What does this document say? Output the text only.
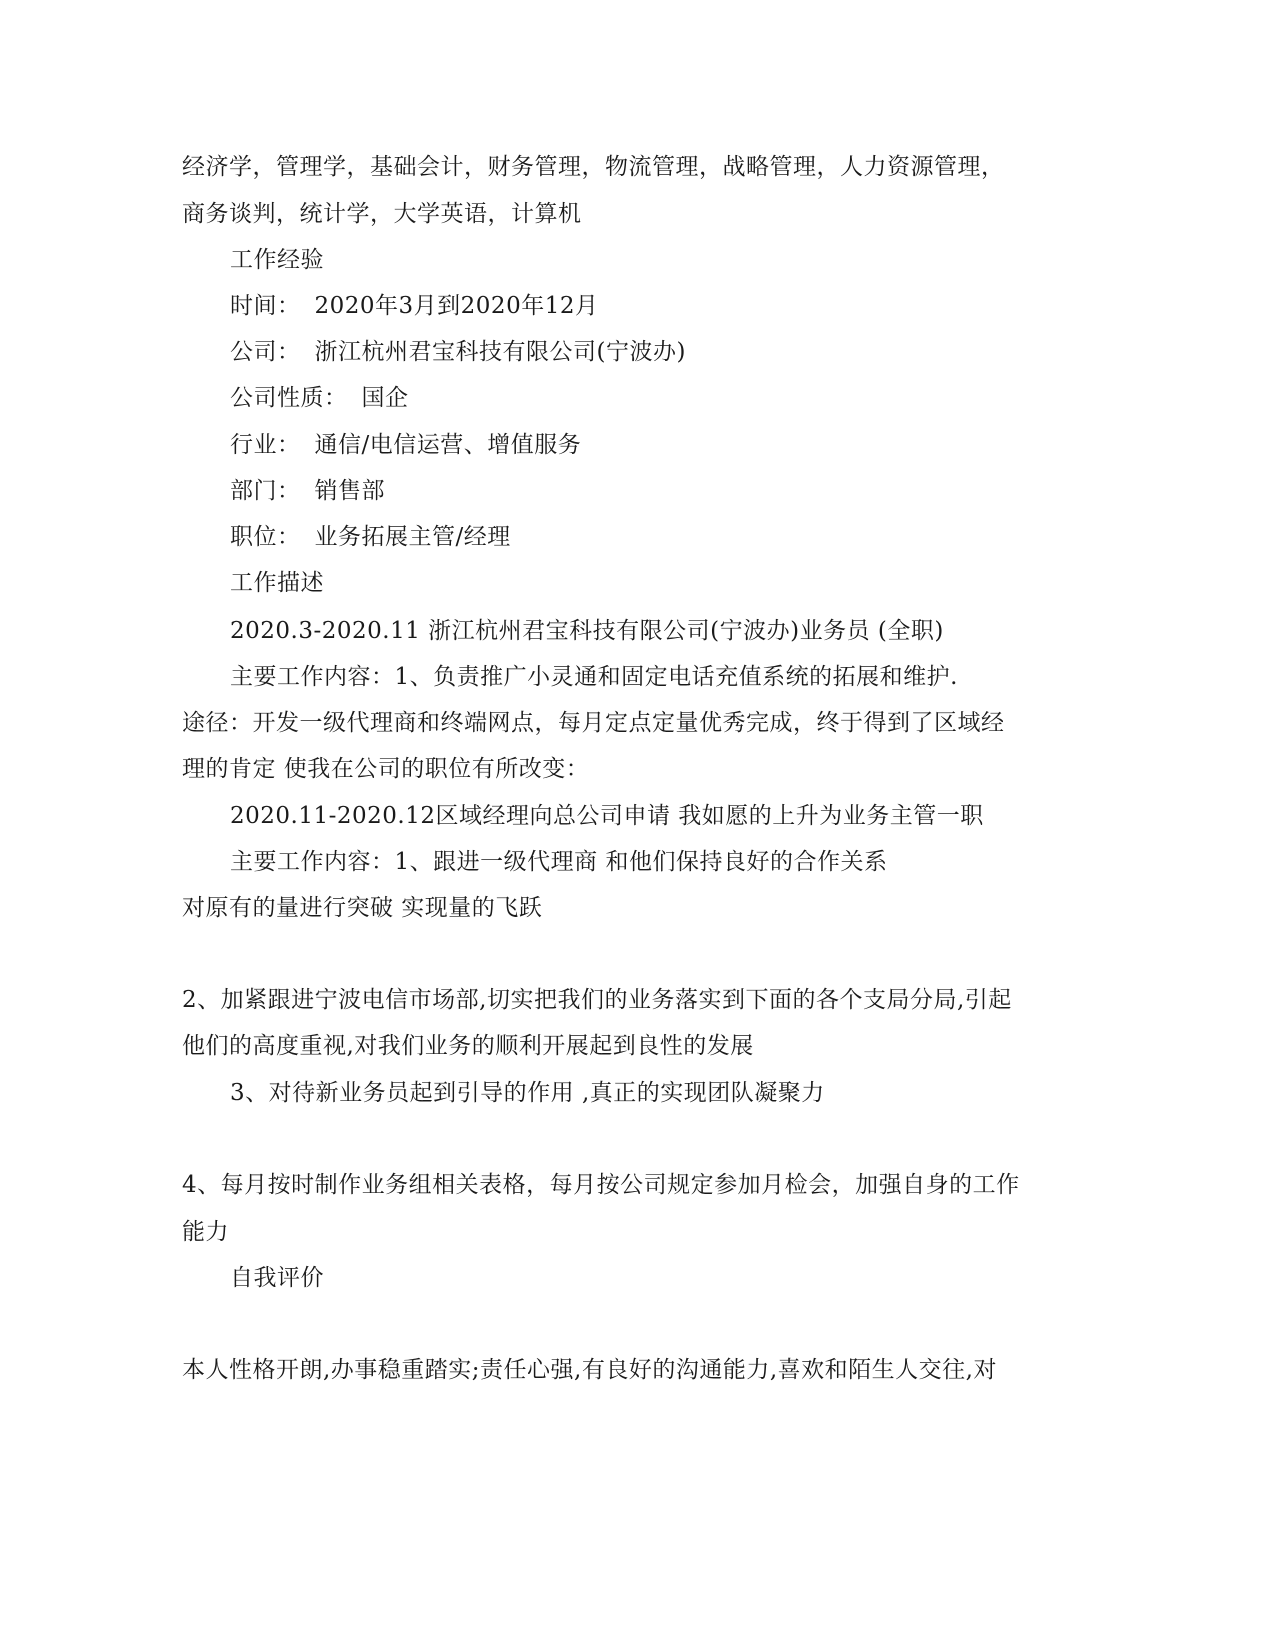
经济学，管理学，基础会计，财务管理，物流管理，战略管理，人力资源管理，
商务谈判，统计学，大学英语，计算机
工作经验
时间： 2020年3月到2020年12月
公司： 浙江杭州君宝科技有限公司(宁波办)
公司性质： 国企
行业： 通信/电信运营、增值服务
部门： 销售部
职位： 业务拓展主管/经理
工作描述
2020.3-2020.11 浙江杭州君宝科技有限公司(宁波办)业务员 (全职)
主要工作内容：1、负责推广小灵通和固定电话充值系统的拓展和维护.
途径：开发一级代理商和终端网点，每月定点定量优秀完成，终于得到了区域经
理的肯定 使我在公司的职位有所改变：
2020.11-2020.12区域经理向总公司申请 我如愿的上升为业务主管一职
主要工作内容：1、跟进一级代理商 和他们保持良好的合作关系
对原有的量进行突破 实现量的飞跃
2、加紧跟进宁波电信市场部,切实把我们的业务落实到下面的各个支局分局,引起
他们的高度重视,对我们业务的顺利开展起到良性的发展
3、对待新业务员起到引导的作用 ,真正的实现团队凝聚力
4、每月按时制作业务组相关表格，每月按公司规定参加月检会，加强自身的工作
能力
自我评价
本人性格开朗,办事稳重踏实;责任心强,有良好的沟通能力,喜欢和陌生人交往,对
